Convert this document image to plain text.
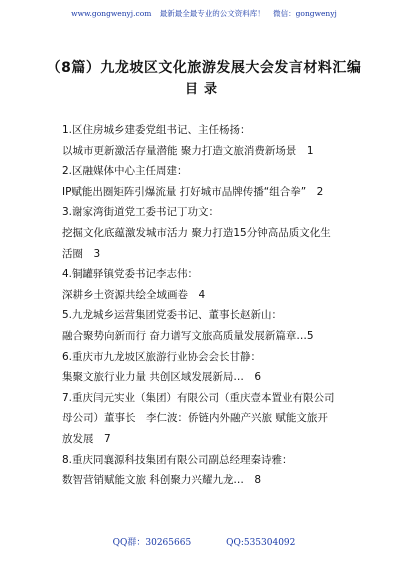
www.gongwenyj.com 最新最全最专业的公文资料库！ 微信：gongwenyj
（8篇）九龙坡区文化旅游发展大会发言材料汇编
目录
1.区住房城乡建委党组书记、主任杨扬：
以城市更新激活存量潜能 聚力打造文旅消费新场景　1
2.区融媒体中心主任周建：
IP赋能出圈矩阵引爆流量 打好城市品牌传播“组合拳”　2
3.谢家湾街道党工委书记丁功文：
挖掘文化底蕴激发城市活力 聚力打造15分钟高品质文化生
活圈　3
4.铜罐驿镇党委书记李志伟：
深耕乡土资源共绘全域画卷　4
5.九龙城乡运营集团党委书记、董事长赵新山：
融合聚势向新而行 奋力谱写文旅高质量发展新篇章…5
6.重庆市九龙坡区旅游行业协会会长甘静：
集聚文旅行业力量 共创区域发展新局…　6
7.重庆闫元实业（集团）有限公司（重庆壹本置业有限公司
母公司）董事长　李仁波：侨链内外融产兴旅 赋能文旅开
放发展　7
8.重庆同襄源科技集团有限公司副总经理秦诗雅：
数智营销赋能文旅 科创聚力兴耀九龙…　8
QQ群：30265665	QQ:535304092
